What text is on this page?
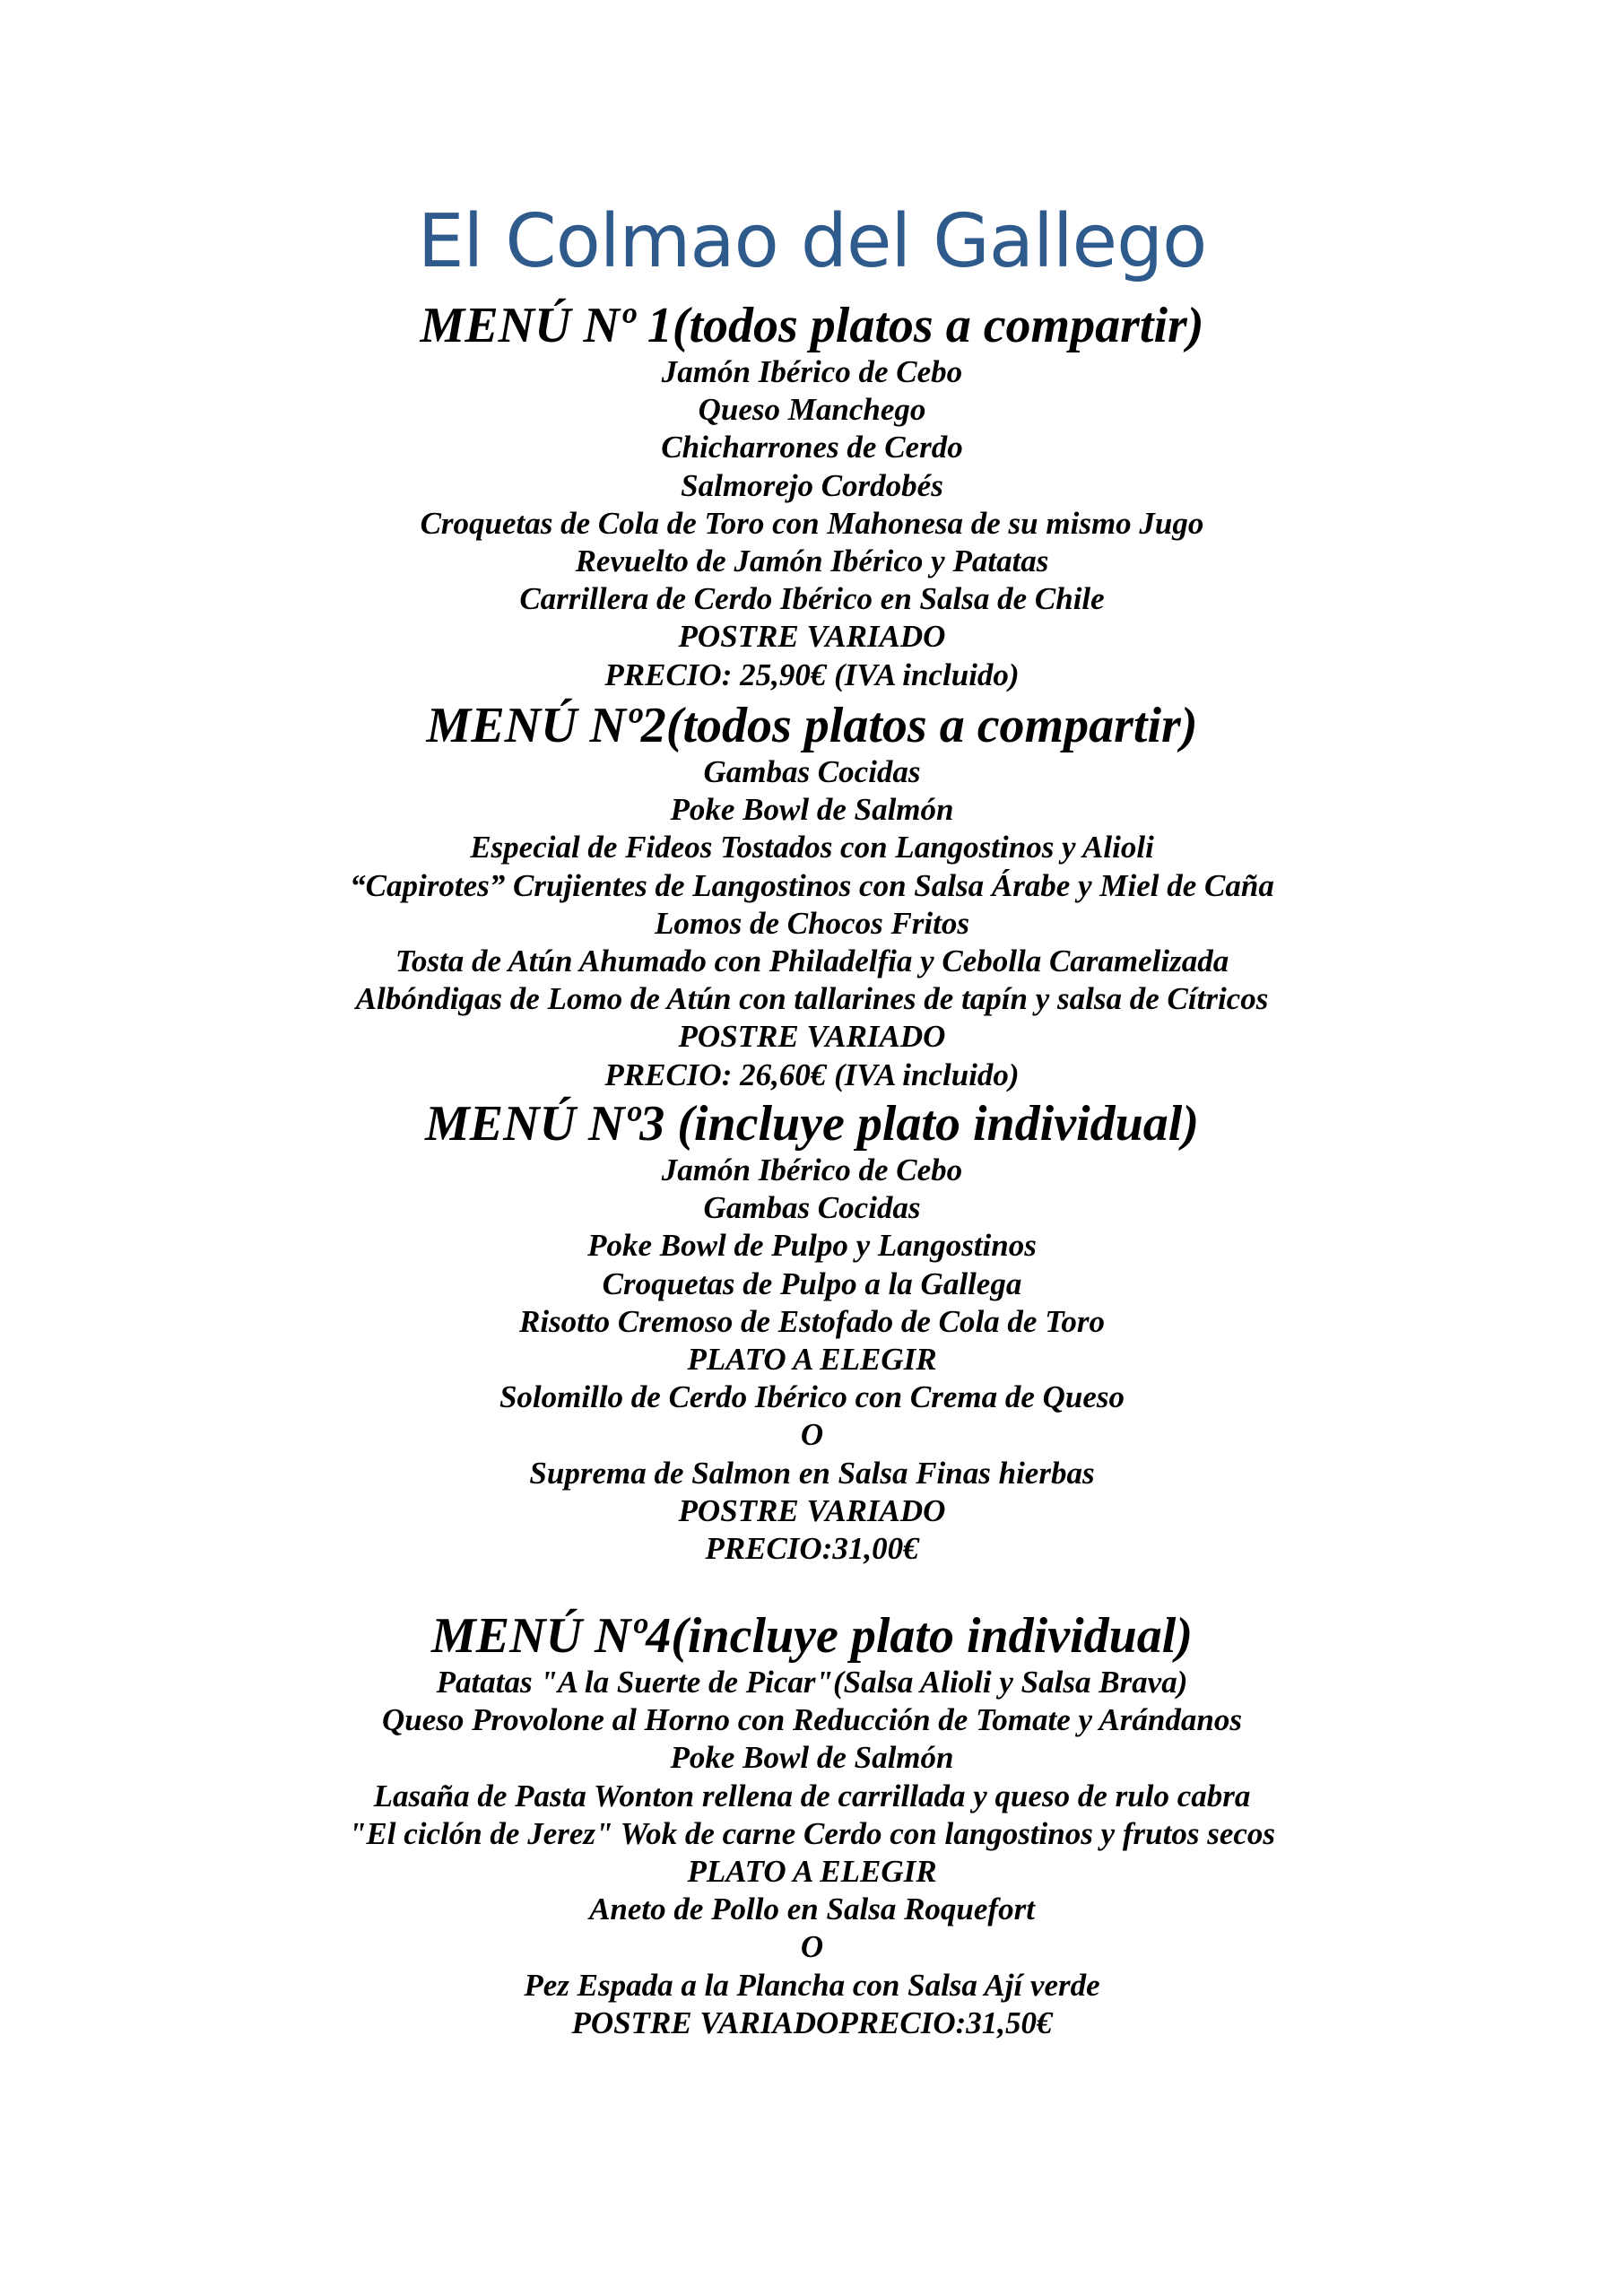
El Colmao del Gallego
MENÚ Nº 1(todos platos a compartir)
Jamón Ibérico de Cebo
Queso Manchego
Chicharrones de Cerdo
Salmorejo Cordobés
Croquetas de Cola de Toro con Mahonesa de su mismo Jugo
Revuelto de Jamón Ibérico y Patatas
Carrillera de Cerdo Ibérico en Salsa de Chile
POSTRE VARIADO
PRECIO: 25,90€ (IVA incluido)
MENÚ Nº2(todos platos a compartir)
Gambas Cocidas
Poke Bowl de Salmón
Especial de Fideos Tostados con Langostinos y Alioli
“Capirotes” Crujientes de Langostinos con Salsa Árabe y Miel de Caña
Lomos de Chocos Fritos
Tosta de Atún Ahumado con Philadelfia y Cebolla Caramelizada
Albóndigas de Lomo de Atún con tallarines de tapín y salsa de Cítricos
POSTRE VARIADO
PRECIO: 26,60€ (IVA incluido)
MENÚ Nº3 (incluye plato individual)
Jamón Ibérico de Cebo
Gambas Cocidas
Poke Bowl de Pulpo y Langostinos
Croquetas de Pulpo a la Gallega
Risotto Cremoso de Estofado de Cola de Toro
PLATO A ELEGIR
Solomillo de Cerdo Ibérico con Crema de Queso
O
Suprema de Salmon en Salsa Finas hierbas
POSTRE VARIADO
PRECIO:31,00€
MENÚ Nº4(incluye plato individual)
Patatas "A la Suerte de Picar"(Salsa Alioli y Salsa Brava)
Queso Provolone al Horno con Reducción de Tomate y Arándanos
Poke Bowl de Salmón
Lasaña de Pasta Wonton rellena de carrillada y queso de rulo cabra
"El ciclón de Jerez" Wok de carne Cerdo con langostinos y frutos secos
PLATO A ELEGIR
Aneto de Pollo en Salsa Roquefort
O
Pez Espada a la Plancha con Salsa Ají verde
POSTRE VARIADOPRECIO:31,50€
